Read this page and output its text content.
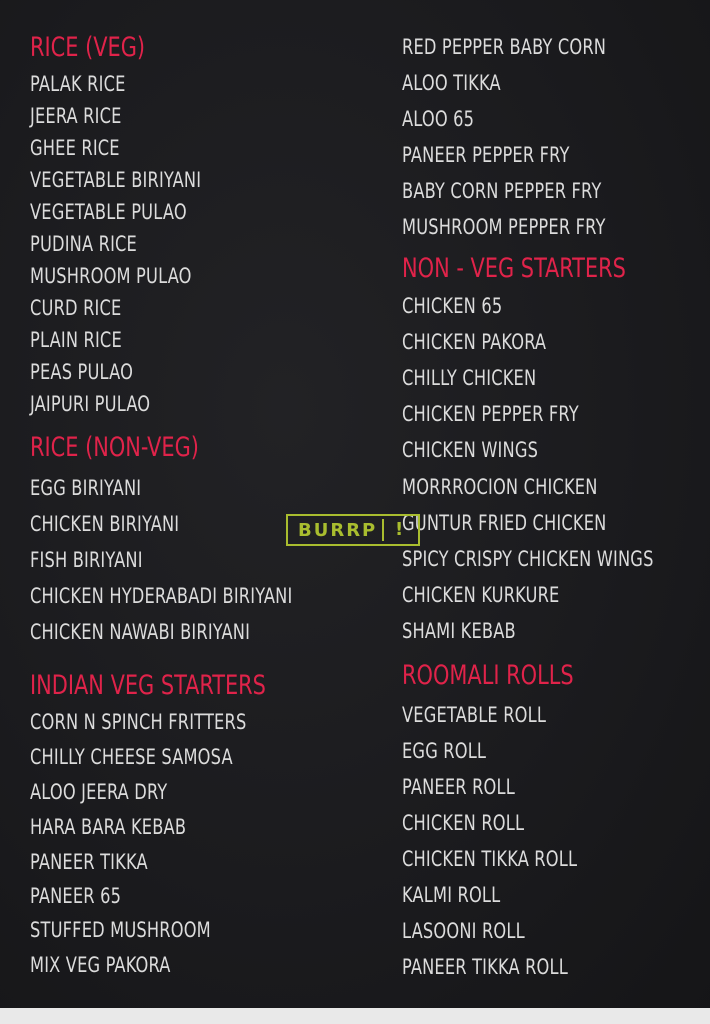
RICE (VEG)
PALAK RICE
JEERA RICE
GHEE RICE
VEGETABLE BIRIYANI
VEGETABLE PULAO
PUDINA RICE
MUSHROOM PULAO
CURD RICE
PLAIN RICE
PEAS PULAO
JAIPURI PULAO
RICE (NON-VEG)
EGG BIRIYANI
CHICKEN BIRIYANI
FISH BIRIYANI
CHICKEN HYDERABADI BIRIYANI
CHICKEN NAWABI BIRIYANI
INDIAN VEG STARTERS
CORN N SPINCH FRITTERS
CHILLY CHEESE SAMOSA
ALOO JEERA DRY
HARA BARA KEBAB
PANEER TIKKA
PANEER 65
STUFFED MUSHROOM
MIX VEG PAKORA
RED PEPPER BABY CORN
ALOO TIKKA
ALOO 65
PANEER PEPPER FRY
BABY CORN PEPPER FRY
MUSHROOM PEPPER FRY
NON - VEG STARTERS
CHICKEN 65
CHICKEN PAKORA
CHILLY CHICKEN
CHICKEN PEPPER FRY
CHICKEN WINGS
MORRROCION CHICKEN
GUNTUR FRIED CHICKEN
SPICY CRISPY CHICKEN WINGS
CHICKEN KURKURE
SHAMI KEBAB
ROOMALI ROLLS
VEGETABLE ROLL
EGG ROLL
PANEER ROLL
CHICKEN ROLL
CHICKEN TIKKA ROLL
KALMI ROLL
LASOONI ROLL
PANEER TIKKA ROLL
BURRP !
